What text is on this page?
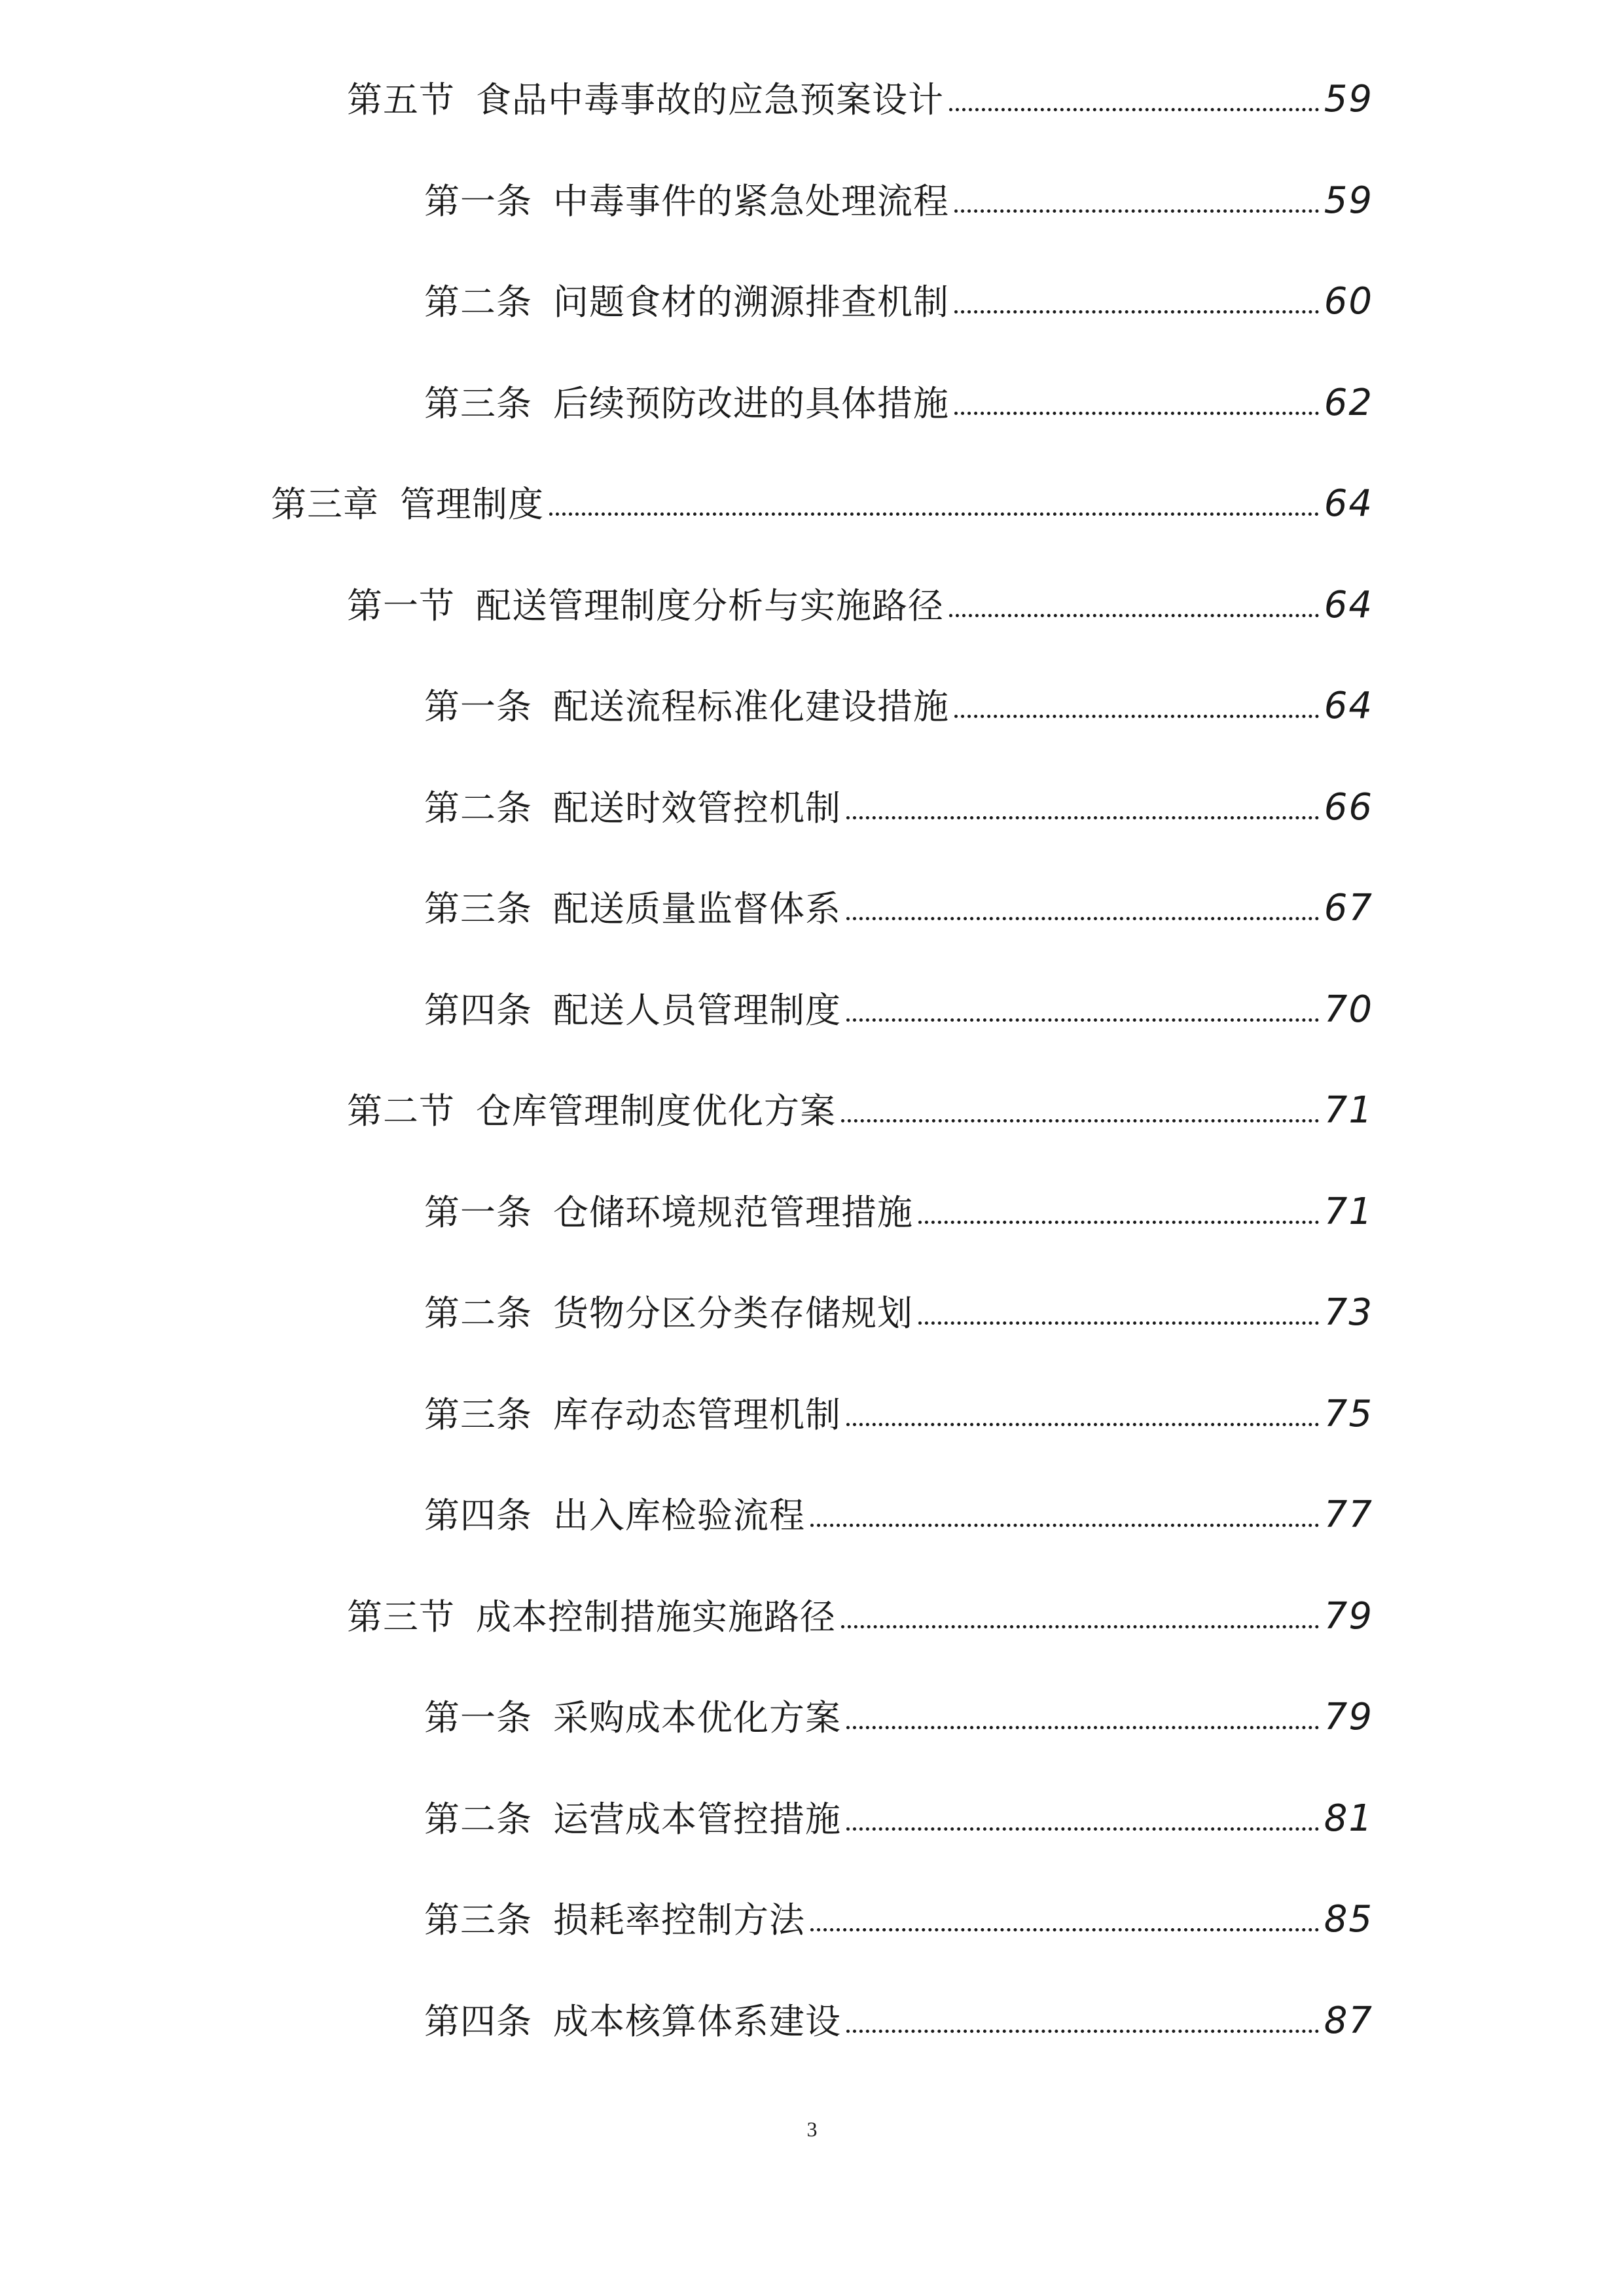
第五节 食品中毒事故的应急预案设计	59
第一条 中毒事件的紧急处理流程	59
第二条 问题食材的溯源排查机制	60
第三条 后续预防改进的具体措施	62
第三章 管理制度	64
第一节 配送管理制度分析与实施路径	64
第一条 配送流程标准化建设措施	64
第二条 配送时效管控机制	66
第三条 配送质量监督体系	67
第四条 配送人员管理制度	70
第二节 仓库管理制度优化方案	71
第一条 仓储环境规范管理措施	71
第二条 货物分区分类存储规划	73
第三条 库存动态管理机制	75
第四条 出入库检验流程	77
第三节 成本控制措施实施路径	79
第一条 采购成本优化方案	79
第二条 运营成本管控措施	81
第三条 损耗率控制方法	85
第四条 成本核算体系建设	87
3
